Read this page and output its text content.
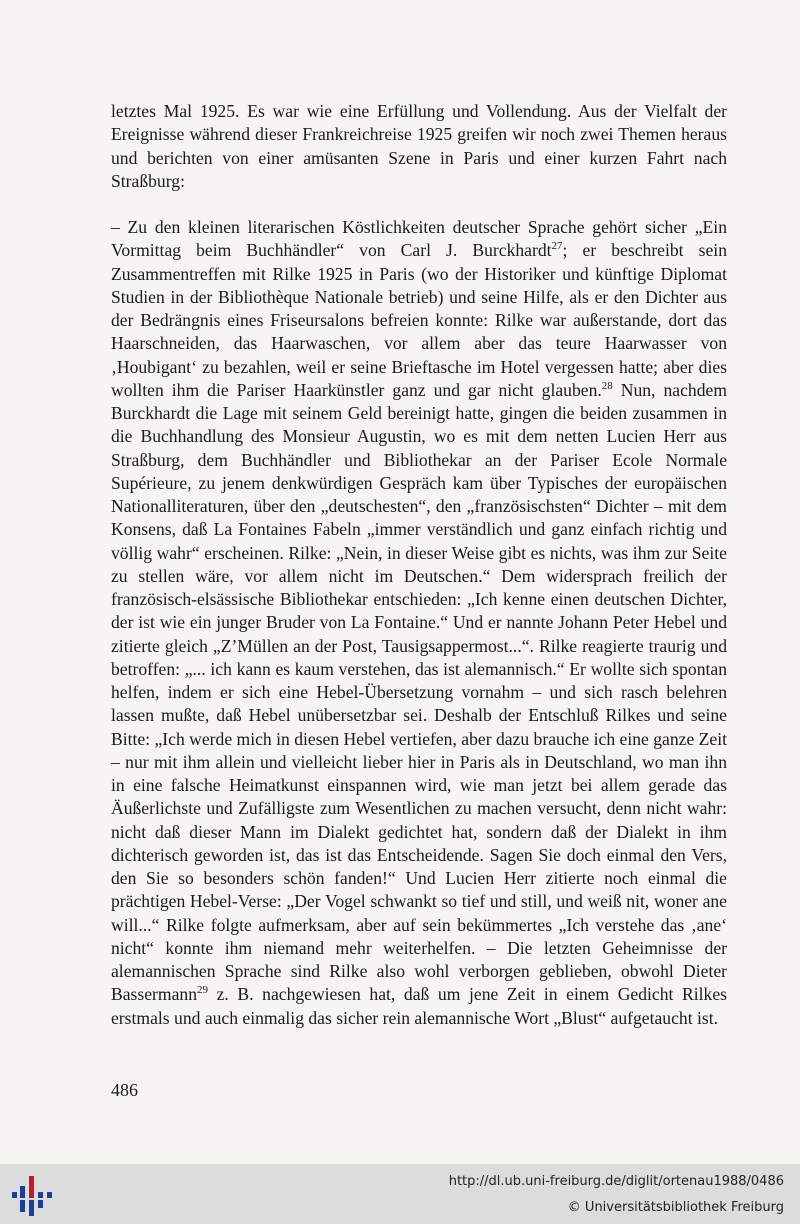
letztes Mal 1925. Es war wie eine Erfüllung und Vollendung. Aus der Vielfalt der Ereignisse während dieser Frankreichreise 1925 greifen wir noch zwei Themen heraus und berichten von einer amüsanten Szene in Paris und einer kurzen Fahrt nach Straßburg:

– Zu den kleinen literarischen Köstlichkeiten deutscher Sprache gehört sicher „Ein Vormittag beim Buchhändler“ von Carl J. Burckhardt$^{27}$; er beschreibt sein Zusammentreffen mit Rilke 1925 in Paris (wo der Historiker und künftige Diplomat Studien in der Bibliothèque Nationale betrieb) und seine Hilfe, als er den Dichter aus der Bedrängnis eines Friseursalons befreien konnte: Rilke war außerstande, dort das Haarschneiden, das Haarwaschen, vor allem aber das teure Haarwasser von ‚Houbigant‘ zu bezahlen, weil er seine Brieftasche im Hotel vergessen hatte; aber dies wollten ihm die Pariser Haarkünstler ganz und gar nicht glauben.$^{28}$ Nun, nachdem Burckhardt die Lage mit seinem Geld bereinigt hatte, gingen die beiden zusammen in die Buchhandlung des Monsieur Augustin, wo es mit dem netten Lucien Herr aus Straßburg, dem Buchhändler und Bibliothekar an der Pariser Ecole Normale Supérieure, zu jenem denkwürdigen Gespräch kam über Typisches der europäischen Nationalliteraturen, über den „deutschesten“, den „französischsten“ Dichter – mit dem Konsens, daß La Fontaines Fabeln „immer verständlich und ganz einfach richtig und völlig wahr“ erscheinen. Rilke: „Nein, in dieser Weise gibt es nichts, was ihm zur Seite zu stellen wäre, vor allem nicht im Deutschen.“ Dem widersprach freilich der französisch-elsässische Bibliothekar entschieden: „Ich kenne einen deutschen Dichter, der ist wie ein junger Bruder von La Fontaine.“ Und er nannte Johann Peter Hebel und zitierte gleich „Z’Müllen an der Post, Tausigsappermost...“. Rilke reagierte traurig und betroffen: „... ich kann es kaum verstehen, das ist alemannisch.“ Er wollte sich spontan helfen, indem er sich eine Hebel-Übersetzung vornahm – und sich rasch belehren lassen mußte, daß Hebel unübersetzbar sei. Deshalb der Entschluß Rilkes und seine Bitte: „Ich werde mich in diesen Hebel vertiefen, aber dazu brauche ich eine ganze Zeit – nur mit ihm allein und vielleicht lieber hier in Paris als in Deutschland, wo man ihn in eine falsche Heimatkunst einspannen wird, wie man jetzt bei allem gerade das Äußerlichste und Zufälligste zum Wesentlichen zu machen versucht, denn nicht wahr: nicht daß dieser Mann im Dialekt gedichtet hat, sondern daß der Dialekt in ihm dichterisch geworden ist, das ist das Entscheidende. Sagen Sie doch einmal den Vers, den Sie so besonders schön fanden!“ Und Lucien Herr zitierte noch einmal die prächtigen Hebel-Verse: „Der Vogel schwankt so tief und still, und weiß nit, woner ane will...“ Rilke folgte aufmerksam, aber auf sein bekümmertes „Ich verstehe das ‚ane‘ nicht“ konnte ihm niemand mehr weiterhelfen. – Die letzten Geheimnisse der alemannischen Sprache sind Rilke also wohl verborgen geblieben, obwohl Dieter Bassermann$^{29}$ z. B. nachgewiesen hat, daß um jene Zeit in einem Gedicht Rilkes erstmals und auch einmalig das sicher rein alemannische Wort „Blust“ aufgetaucht ist.

486
http://dl.ub.uni-freiburg.de/diglit/ortenau1988/0486
© Universitätsbibliothek Freiburg
